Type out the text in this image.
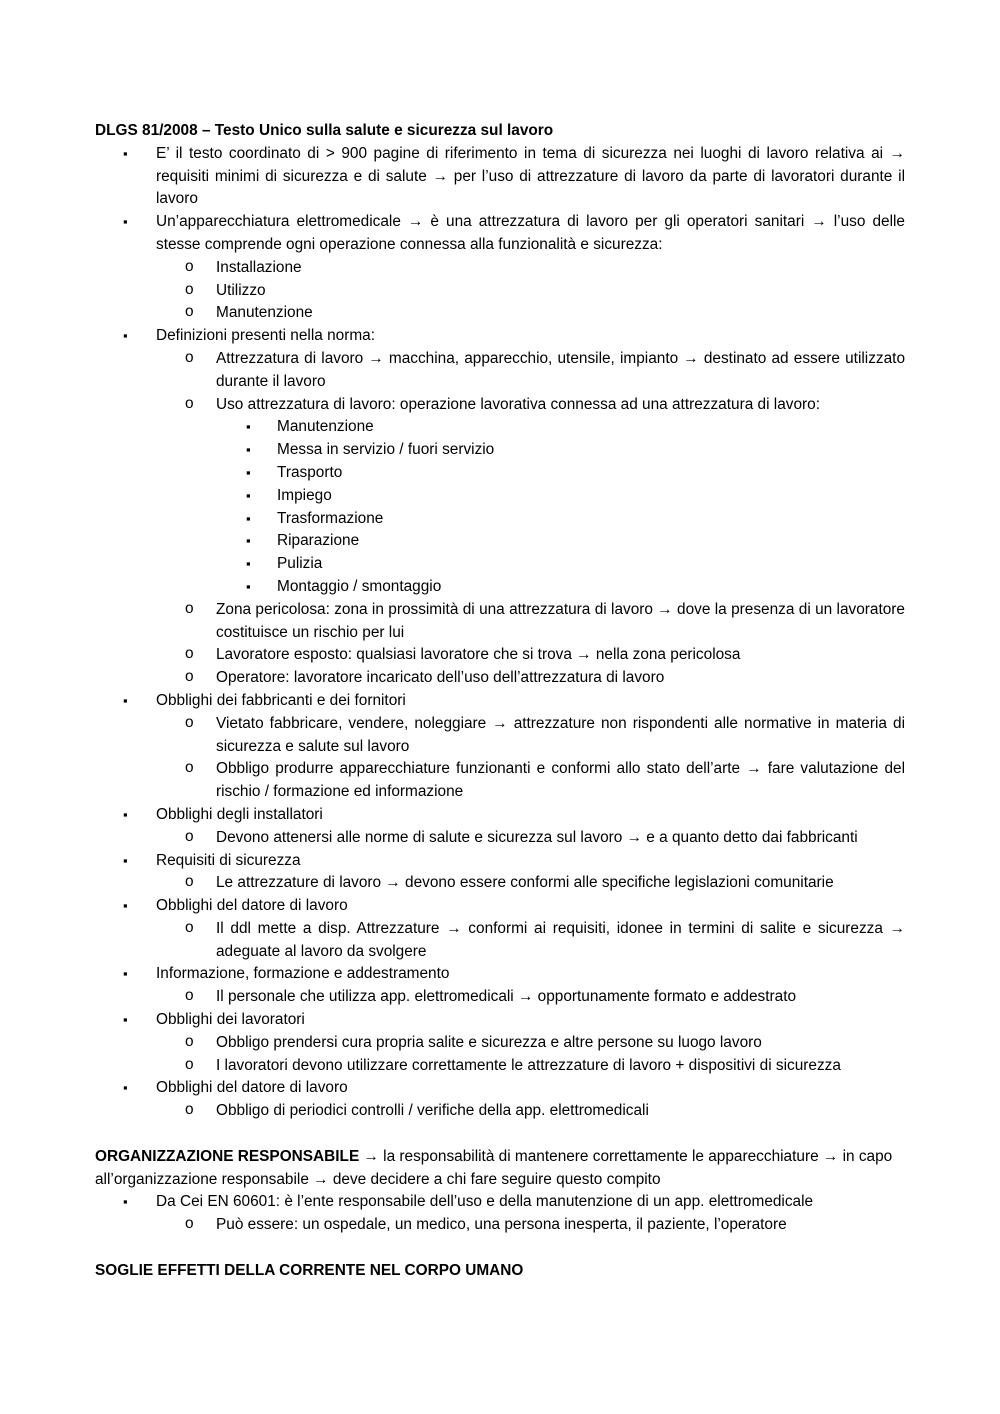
DLGS 81/2008 – Testo Unico sulla salute e sicurezza sul lavoro

▪ E’ il testo coordinato di > 900 pagine di riferimento in tema di sicurezza nei luoghi di lavoro relativa ai → requisiti minimi di sicurezza e di salute → per l’uso di attrezzature di lavoro da parte di lavoratori durante il lavoro
▪ Un’apparecchiatura elettromedicale → è una attrezzatura di lavoro per gli operatori sanitari → l’uso delle stesse comprende ogni operazione connessa alla funzionalità e sicurezza:
o Installazione
o Utilizzo
o Manutenzione
▪ Definizioni presenti nella norma:
o Attrezzatura di lavoro → macchina, apparecchio, utensile, impianto → destinato ad essere utilizzato durante il lavoro
o Uso attrezzatura di lavoro: operazione lavorativa connessa ad una attrezzatura di lavoro:
▪ Manutenzione
▪ Messa in servizio / fuori servizio
▪ Trasporto
▪ Impiego
▪ Trasformazione
▪ Riparazione
▪ Pulizia
▪ Montaggio / smontaggio
o Zona pericolosa: zona in prossimità di una attrezzatura di lavoro → dove la presenza di un lavoratore costituisce un rischio per lui
o Lavoratore esposto: qualsiasi lavoratore che si trova → nella zona pericolosa
o Operatore: lavoratore incaricato dell’uso dell’attrezzatura di lavoro
▪ Obblighi dei fabbricanti e dei fornitori
o Vietato fabbricare, vendere, noleggiare → attrezzature non rispondenti alle normative in materia di sicurezza e salute sul lavoro
o Obbligo produrre apparecchiature funzionanti e conformi allo stato dell’arte → fare valutazione del rischio / formazione ed informazione
▪ Obblighi degli installatori
o Devono attenersi alle norme di salute e sicurezza sul lavoro → e a quanto detto dai fabbricanti
▪ Requisiti di sicurezza
o Le attrezzature di lavoro → devono essere conformi alle specifiche legislazioni comunitarie
▪ Obblighi del datore di lavoro
o Il ddl mette a disp. Attrezzature → conformi ai requisiti, idonee in termini di salite e sicurezza → adeguate al lavoro da svolgere
▪ Informazione, formazione e addestramento
o Il personale che utilizza app. elettromedicali → opportunamente formato e addestrato
▪ Obblighi dei lavoratori
o Obbligo prendersi cura propria salite e sicurezza e altre persone su luogo lavoro
o I lavoratori devono utilizzare correttamente le attrezzature di lavoro + dispositivi di sicurezza
▪ Obblighi del datore di lavoro
o Obbligo di periodici controlli / verifiche della app. elettromedicali

ORGANIZZAZIONE RESPONSABILE → la responsabilità di mantenere correttamente le apparecchiature → in capo all’organizzazione responsabile → deve decidere a chi fare seguire questo compito

▪ Da Cei EN 60601: è l’ente responsabile dell’uso e della manutenzione di un app. elettromedicale
o Può essere: un ospedale, un medico, una persona inesperta, il paziente, l’operatore

SOGLIE EFFETTI DELLA CORRENTE NEL CORPO UMANO
